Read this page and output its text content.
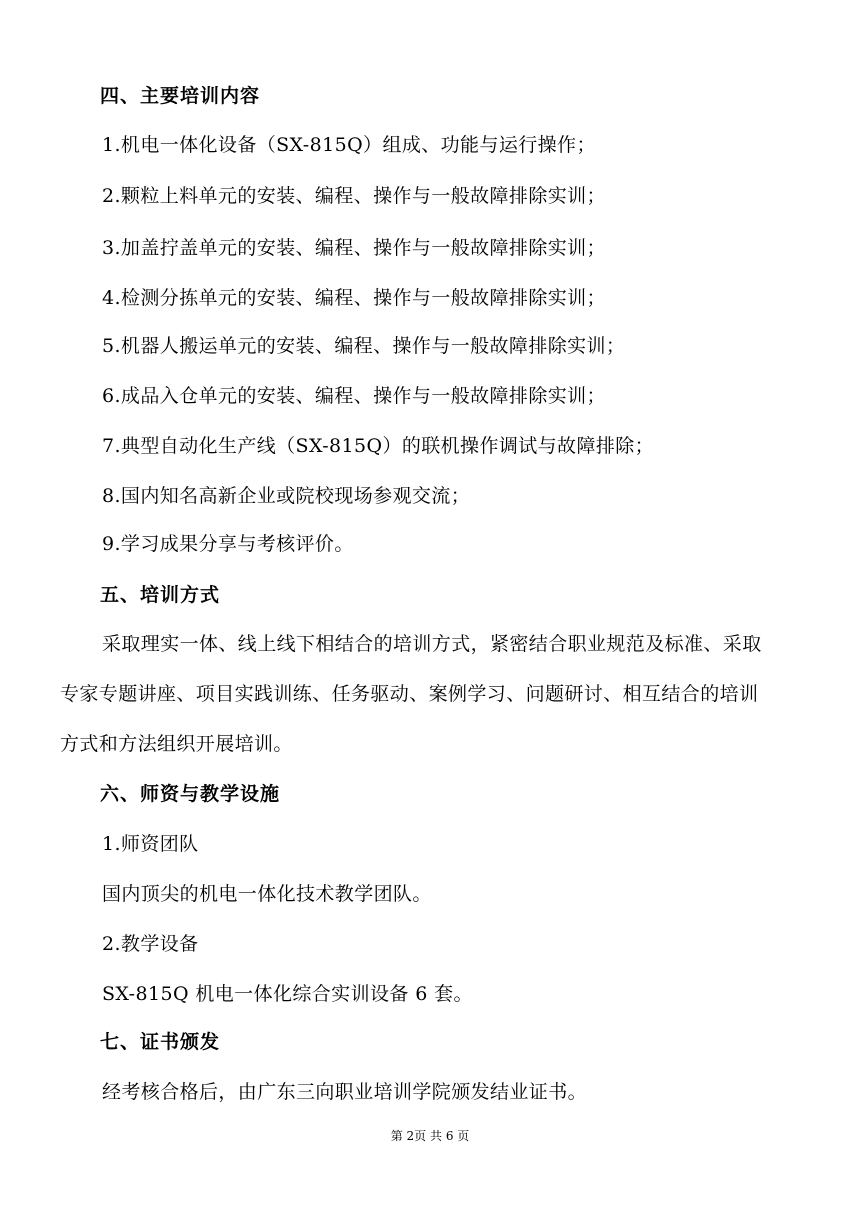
四、主要培训内容
1.机电一体化设备（SX-815Q）组成、功能与运行操作；
2.颗粒上料单元的安装、编程、操作与一般故障排除实训；
3.加盖拧盖单元的安装、编程、操作与一般故障排除实训；
4.检测分拣单元的安装、编程、操作与一般故障排除实训；
5.机器人搬运单元的安装、编程、操作与一般故障排除实训；
6.成品入仓单元的安装、编程、操作与一般故障排除实训；
7.典型自动化生产线（SX-815Q）的联机操作调试与故障排除；
8.国内知名高新企业或院校现场参观交流；
9.学习成果分享与考核评价。
五、培训方式
采取理实一体、线上线下相结合的培训方式，紧密结合职业规范及标准、采取
专家专题讲座、项目实践训练、任务驱动、案例学习、问题研讨、相互结合的培训
方式和方法组织开展培训。
六、师资与教学设施
1.师资团队
国内顶尖的机电一体化技术教学团队。
2.教学设备
SX-815Q 机电一体化综合实训设备 6 套。
七、证书颁发
经考核合格后，由广东三向职业培训学院颁发结业证书。
第 2页 共 6 页
